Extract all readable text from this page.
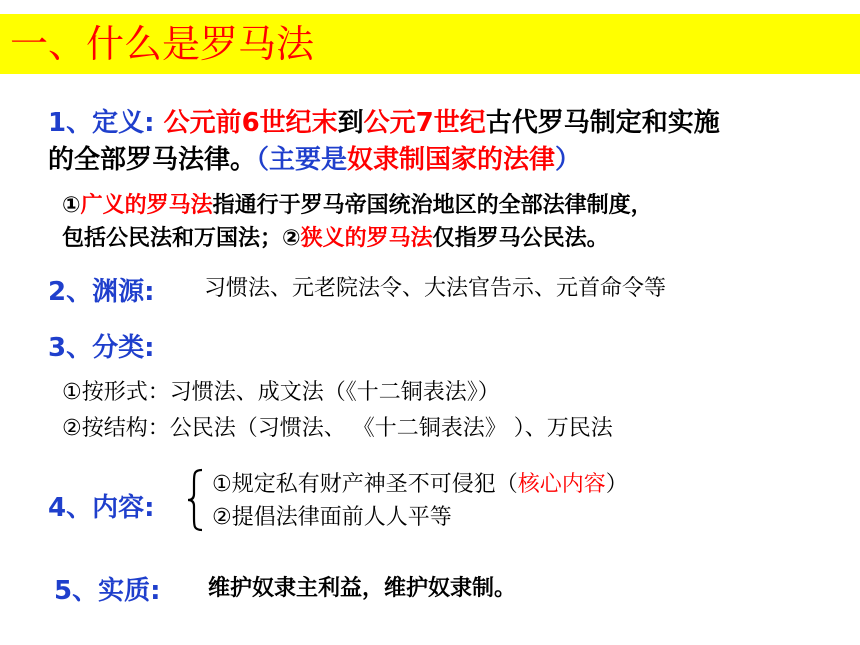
一、什么是罗马法
1、定义: 公元前6世纪末到公元7世纪古代罗马制定和实施
的全部罗马法律。（主要是奴隶制国家的法律）
①广义的罗马法指通行于罗马帝国统治地区的全部法律制度，
包括公民法和万国法；②狭义的罗马法仅指罗马公民法。
2、渊源: 习惯法、元老院法令、大法官告示、元首命令等
3、分类:
①按形式：习惯法、成文法（《十二铜表法》）
②按结构：公民法（习惯法、 《十二铜表法》 ）、万民法
4、内容:
①规定私有财产神圣不可侵犯（核心内容）
②提倡法律面前人人平等
5、实质: 维护奴隶主利益，维护奴隶制。
